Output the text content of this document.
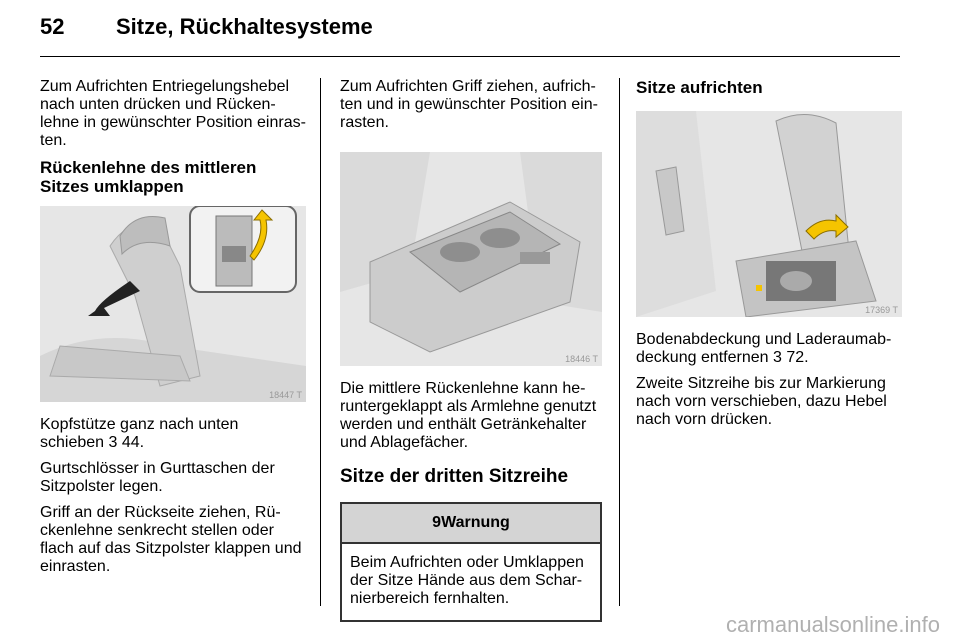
52 Sitze, Rückhaltesysteme

Zum Aufrichten Entriegelungshebel nach unten drücken und Rückenlehne in gewünschter Position einrasten.

Rückenlehne des mittleren Sitzes umklappen
18447 T

Kopfstütze ganz nach unten schieben 3 44.

Gurtschlösser in Gurttaschen der Sitzpolster legen.

Griff an der Rückseite ziehen, Rückenlehne senkrecht stellen oder flach auf das Sitzpolster klappen und einrasten.

Zum Aufrichten Griff ziehen, aufrichten und in gewünschter Position einrasten.

18446 T

Die mittlere Rückenlehne kann heruntergeklappt als Armlehne genutzt werden und enthält Getränkehalter und Ablagefächer.

Sitze der dritten Sitzreihe
9Warnung

Beim Aufrichten oder Umklappen der Sitze Hände aus dem Scharnierbereich fernhalten.

Sitze aufrichten
17369 T

Bodenabdeckung und Laderaumabdeckung entfernen 3 72.

Zweite Sitzreihe bis zur Markierung nach vorn verschieben, dazu Hebel nach vorn drücken.

carmanualsonline.info
